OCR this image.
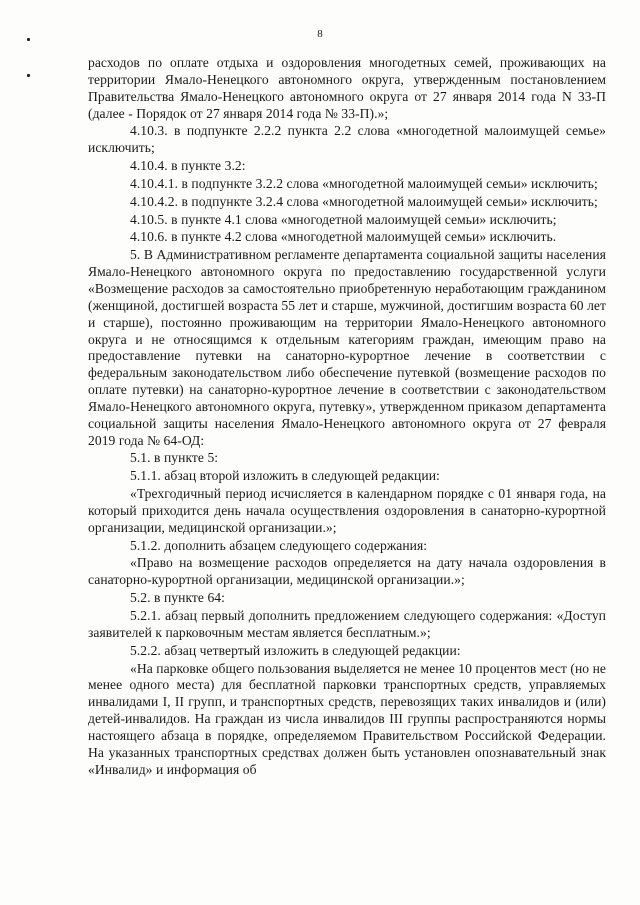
8

расходов по оплате отдыха и оздоровления многодетных семей, проживающих на территории Ямало-Ненецкого автономного округа, утвержденным постановлением Правительства Ямало-Ненецкого автономного округа от 27 января 2014 года N 33-П (далее - Порядок от 27 января 2014 года № 33-П).»;

4.10.3. в подпункте 2.2.2 пункта 2.2 слова «многодетной малоимущей семье» исключить;

4.10.4. в пункте 3.2:

4.10.4.1. в подпункте 3.2.2 слова «многодетной малоимущей семьи» исключить;

4.10.4.2. в подпункте 3.2.4 слова «многодетной малоимущей семьи» исключить;

4.10.5. в пункте 4.1 слова «многодетной малоимущей семьи» исключить;

4.10.6. в пункте 4.2 слова «многодетной малоимущей семьи» исключить.

5. В Административном регламенте департамента социальной защиты населения Ямало-Ненецкого автономного округа по предоставлению государственной услуги «Возмещение расходов за самостоятельно приобретенную неработающим гражданином (женщиной, достигшей возраста 55 лет и старше, мужчиной, достигшим возраста 60 лет и старше), постоянно проживающим на территории Ямало-Ненецкого автономного округа и не относящимся к отдельным категориям граждан, имеющим право на предоставление путевки на санаторно-курортное лечение в соответствии с федеральным законодательством либо обеспечение путевкой (возмещение расходов по оплате путевки) на санаторно-курортное лечение в соответствии с законодательством Ямало-Ненецкого автономного округа, путевку», утвержденном приказом департамента социальной защиты населения Ямало-Ненецкого автономного округа от 27 февраля 2019 года № 64-ОД:

5.1. в пункте 5:

5.1.1. абзац второй изложить в следующей редакции:

«Трехгодичный период исчисляется в календарном порядке с 01 января года, на который приходится день начала осуществления оздоровления в санаторно-курортной организации, медицинской организации.»;

5.1.2. дополнить абзацем следующего содержания:

«Право на возмещение расходов определяется на дату начала оздоровления в санаторно-курортной организации, медицинской организации.»;

5.2. в пункте 64:

5.2.1. абзац первый дополнить предложением следующего содержания: «Доступ заявителей к парковочным местам является бесплатным.»;

5.2.2. абзац четвертый изложить в следующей редакции:

«На парковке общего пользования выделяется не менее 10 процентов мест (но не менее одного места) для бесплатной парковки транспортных средств, управляемых инвалидами I, II групп, и транспортных средств, перевозящих таких инвалидов и (или) детей-инвалидов. На граждан из числа инвалидов III группы распространяются нормы настоящего абзаца в порядке, определяемом Правительством Российской Федерации. На указанных транспортных средствах должен быть установлен опознавательный знак «Инвалид» и информация об
